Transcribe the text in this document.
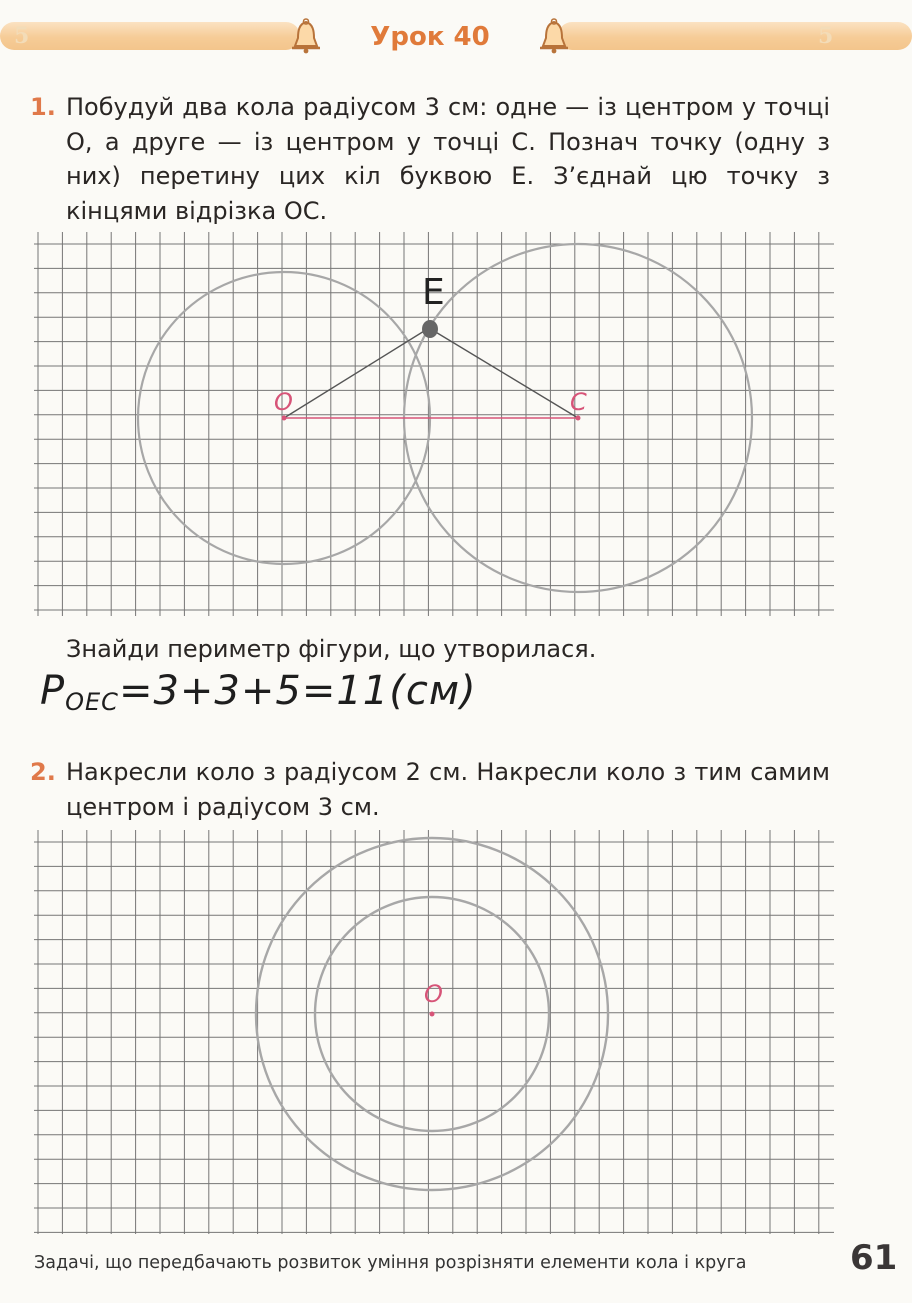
5	5
Урок 40
1. Побудуй два кола радіусом 3 см: одне — із центром у точці О, а друге — із центром у точці С. Познач точку (одну з них) перетину цих кіл буквою Е. З’єднай цю точку з кінцями відрізка ОС.
E
O	C
Знайди периметр фігури, що утворилася.
$P_{OEC}=3+3+5=11(см)$
2. Накресли коло з радіусом 2 см. Накресли коло з тим самим центром і радіусом 3 см.
O
Задачі, що передбачають розвиток уміння розрізняти елементи кола і круга	61
